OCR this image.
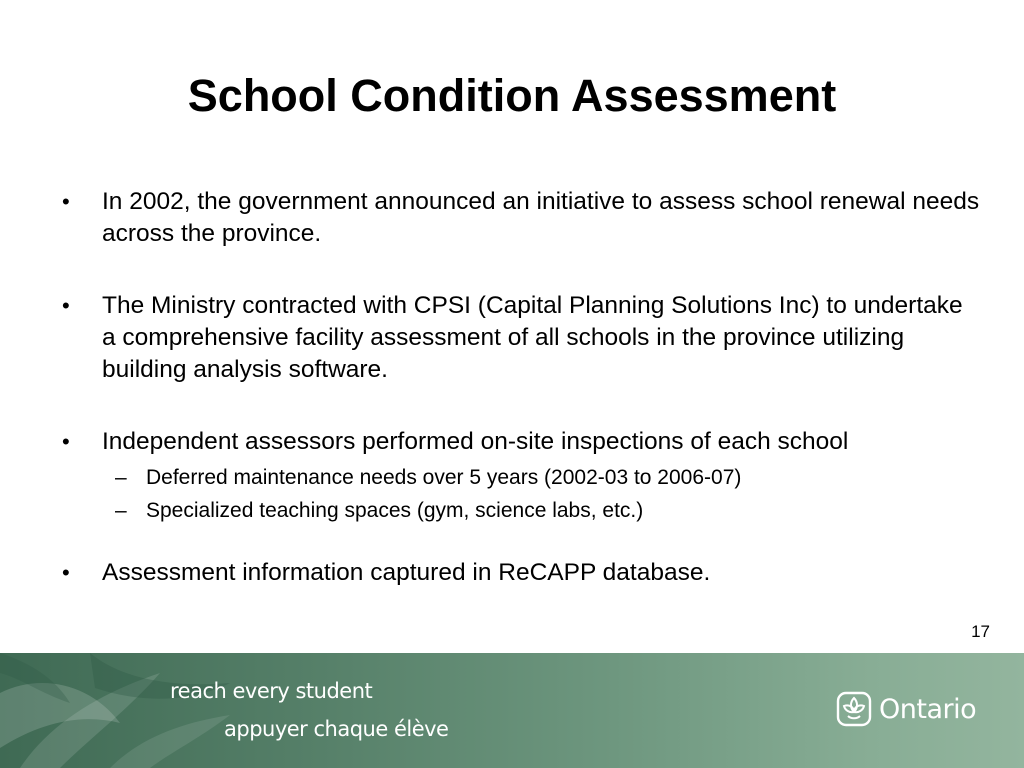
School Condition Assessment
•	In 2002, the government announced an initiative to assess school renewal needs across the province.
•	The Ministry contracted with CPSI (Capital Planning Solutions Inc) to undertake a comprehensive facility assessment of all schools in the province utilizing building analysis software.
•	Independent assessors performed on-site inspections of each school
– Deferred maintenance needs over 5 years (2002-03 to 2006-07)
– Specialized teaching spaces (gym, science labs, etc.)
•	Assessment information captured in ReCAPP database.
17
reach every student
appuyer chaque élève
Ontario
